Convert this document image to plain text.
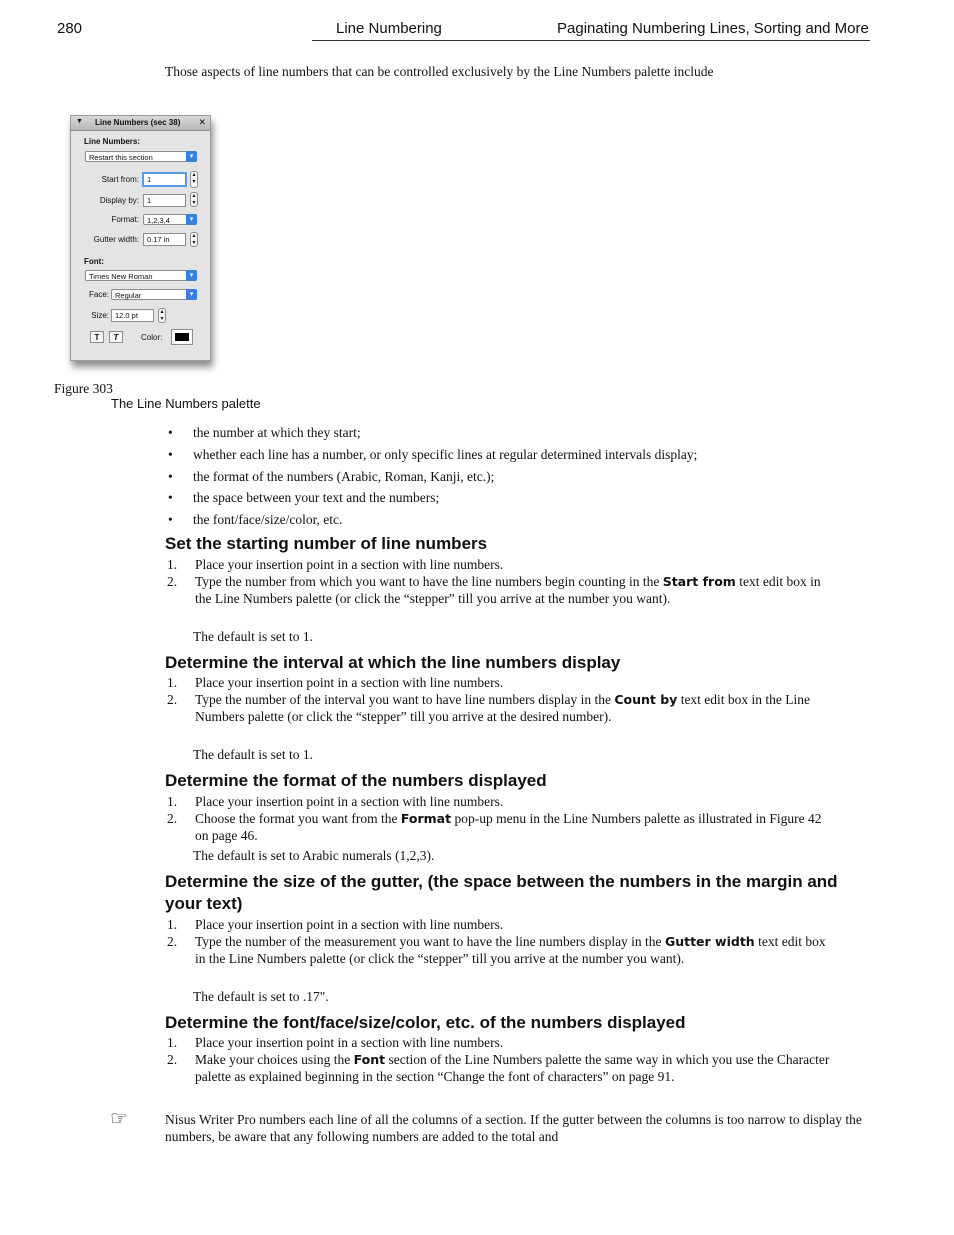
280	Line Numbering	Paginating Numbering Lines, Sorting and More
Those aspects of line numbers that can be controlled exclusively by the Line Numbers palette include
▼ Line Numbers (sec 38) ✕
Line Numbers:
Restart this section	▾
Start from:	1	▴
▾
Display by:	1	▴
▾
Format:	1,2,3,4	▾
Gutter width:	0.17 in	▴
▾
Font:
Times New Roman	▾
Face: Regular	▾
Size: 12.0 pt	▴
▾
T	T	Color:
Figure 303
The Line Numbers palette
• the number at which they start;
• whether each line has a number, or only specific lines at regular determined intervals display;
• the format of the numbers (Arabic, Roman, Kanji, etc.);
• the space between your text and the numbers;
• the font/face/size/color, etc.
Set the starting number of line numbers
1. Place your insertion point in a section with line numbers.
2. Type the number from which you want to have the line numbers begin counting in the Start from text edit box in the Line Numbers palette (or click the “stepper” till you arrive at the number you want).
The default is set to 1.
Determine the interval at which the line numbers display
1. Place your insertion point in a section with line numbers.
2. Type the number of the interval you want to have line numbers display in the Count by text edit box in the Line Numbers palette (or click the “stepper” till you arrive at the desired number).
The default is set to 1.
Determine the format of the numbers displayed
1. Place your insertion point in a section with line numbers.
2. Choose the format you want from the Format pop-up menu in the Line Numbers palette as illustrated in Figure 42 on page 46.
The default is set to Arabic numerals (1,2,3).
Determine the size of the gutter, (the space between the numbers in the margin and your text)
1. Place your insertion point in a section with line numbers.
2. Type the number of the measurement you want to have the line numbers display in the Gutter width text edit box in the Line Numbers palette (or click the “stepper” till you arrive at the number you want).
The default is set to .17".
Determine the font/face/size/color, etc. of the numbers displayed
1. Place your insertion point in a section with line numbers.
2. Make your choices using the Font section of the Line Numbers palette the same way in which you use the Character palette as explained beginning in the section “Change the font of characters” on page 91.
☞	Nisus Writer Pro numbers each line of all the columns of a section. If the gutter between the columns is too narrow to display the numbers, be aware that any following numbers are added to the total and
